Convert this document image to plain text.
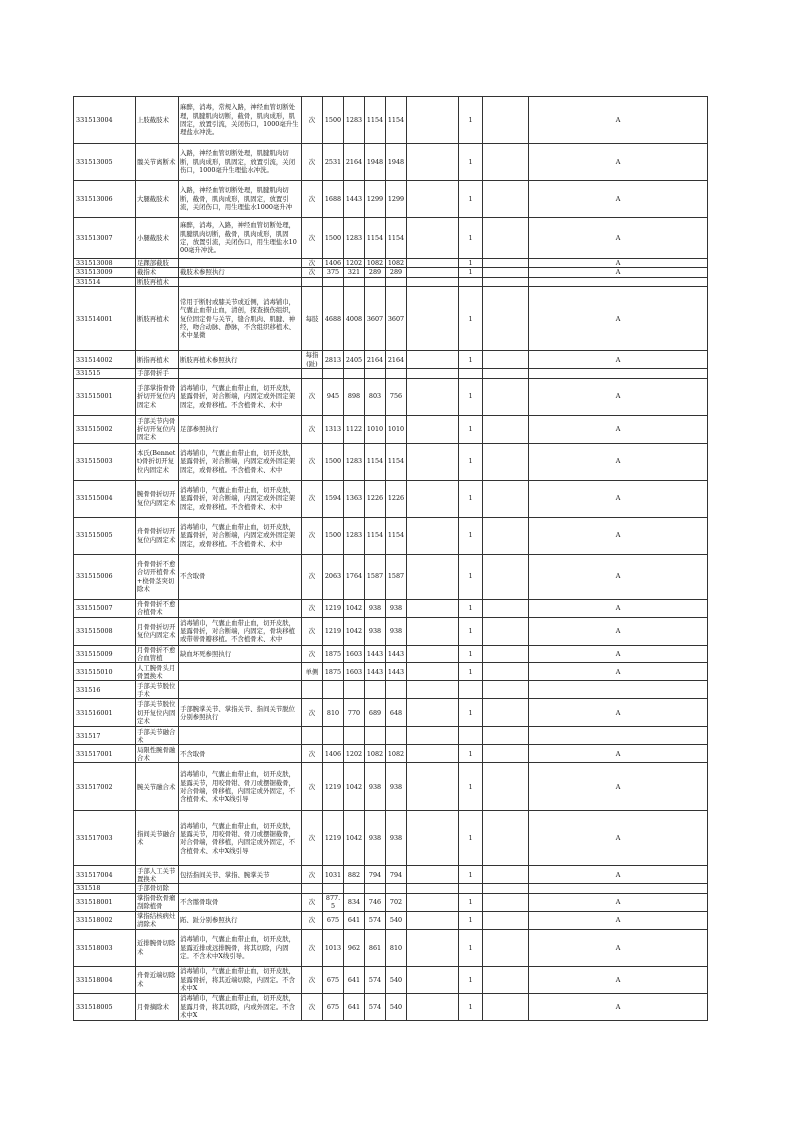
331513004	上肢截肢术	麻醉，消毒，常规入路，神经血管切断处理，肌腱肌肉切断，截骨，肌肉成形，肌固定，放置引流，关闭伤口，1000毫升生理盐水冲洗。	次	1500	1283	1154	1154		1		A
331513005	髋关节离断术	入路，神经血管切断处理，肌腱肌肉切断，肌肉成形，肌固定，放置引流，关闭伤口，1000毫升生理盐水冲洗。	次	2531	2164	1948	1948		1		A
331513006	大腿截肢术	入路，神经血管切断处理，肌腱肌肉切断，截骨，肌肉成形，肌固定，放置引流，关闭伤口，用生理盐水1000毫升冲	次	1688	1443	1299	1299		1		A
331513007	小腿截肢术	麻醉，消毒，入路，神经血管切断处理，肌腱肌肉切断，截骨，肌肉成形，肌固定，放置引流，关闭伤口，用生理盐水1000毫升冲洗。	次	1500	1283	1154	1154		1		A
331513008	足踝部截肢		次	1406	1202	1082	1082		1		A
331513009	截指术	截肢术参照执行	次	375	321	289	289		1		A
331514	断肢再植术										
331514001	断肢再植术	常用于断肘或膝关节或近侧，消毒铺巾，气囊止血带止血，清创，探查损伤组织，复位固定骨与关节，缝合肌肉、肌腱、神经，吻合动脉、静脉，不含组织移植术、术中显微	每肢	4688	4008	3607	3607		1		A
331514002	断指再植术	断肢再植术参照执行	每指(趾)	2813	2405	2164	2164		1		A
331515	手部骨折手										
331515001	手部掌指骨骨折切开复位内固定术	消毒铺巾，气囊止血带止血，切开皮肤，显露骨折，对合断端，内固定或外固定架固定，或骨移植。不含植骨术、术中	次	945	898	803	756		1		A
331515002	手部关节内骨折切开复位内固定术	足部参照执行	次	1313	1122	1010	1010		1		A
331515003	本氏(Bennett)骨折切开复位内固定术	消毒铺巾，气囊止血带止血，切开皮肤，显露骨折，对合断端，内固定或外固定架固定，或骨移植。不含植骨术、术中	次	1500	1283	1154	1154		1		A
331515004	腕骨骨折切开复位内固定术	消毒铺巾，气囊止血带止血，切开皮肤，显露骨折，对合断端，内固定或外固定架固定，或骨移植。不含植骨术、术中	次	1594	1363	1226	1226		1		A
331515005	舟骨骨折切开复位内固定术	消毒铺巾，气囊止血带止血，切开皮肤，显露骨折，对合断端，内固定或外固定架固定，或骨移植。不含植骨术、术中	次	1500	1283	1154	1154		1		A
331515006	舟骨骨折不愈合切开植骨术+桡骨茎突切除术	不含取骨	次	2063	1764	1587	1587		1		A
331515007	舟骨骨折不愈合植骨术		次	1219	1042	938	938		1		A
331515008	月骨骨折切开复位内固定术	消毒铺巾，气囊止血带止血，切开皮肤，显露骨折，对合断端，内固定，骨块移植或带蒂骨瓣移植。不含植骨术、术中	次	1219	1042	938	938		1		A
331515009	月骨骨折不愈合血管植	缺血坏死参照执行	次	1875	1603	1443	1443		1		A
331515010	人工腕骨头月骨置换术		单侧	1875	1603	1443	1443		1		A
331516	手部关节脱位手术										
331516001	手部关节脱位切开复位内固定术	手部腕掌关节、掌指关节、指间关节脱位分别参照执行	次	810	770	689	648		1		A
331517	手部关节融合术										
331517001	局限性腕骨融合术	不含取骨	次	1406	1202	1082	1082		1		A
331517002	腕关节融合术	消毒铺巾，气囊止血带止血，切开皮肤，显露关节，用咬骨钳、骨刀或摆锯截骨，对合骨端，骨移植，内固定或外固定，不含植骨术、术中X线引导	次	1219	1042	938	938		1		A
331517003	指间关节融合术	消毒铺巾，气囊止血带止血，切开皮肤，显露关节，用咬骨钳、骨刀或摆锯截骨，对合骨端，骨移植，内固定或外固定，不含植骨术、术中X线引导	次	1219	1042	938	938		1		A
331517004	手部人工关节置换术	包括指间关节、掌指、腕掌关节	次	1031	882	794	794		1		A
331518	手部骨切除										
331518001	掌指骨软骨瘤刮除植骨	不含髂骨取骨	次	877.5	834	746	702		1		A
331518002	掌指结核病灶清除术	跖、趾分别参照执行	次	675	641	574	540		1		A
331518003	近排腕骨切除术	消毒铺巾，气囊止血带止血，切开皮肤，显露近排或远排腕骨，将其切除，内固定。不含术中X线引导。	次	1013	962	861	810		1		A
331518004	舟骨近端切除术	消毒铺巾，气囊止血带止血，切开皮肤，显露骨折，将其近端切除，内固定。不含术中X	次	675	641	574	540		1		A
331518005	月骨摘除术	消毒铺巾，气囊止血带止血，切开皮肤，显露月骨，将其切除，内或外固定。不含术中X	次	675	641	574	540		1		A
